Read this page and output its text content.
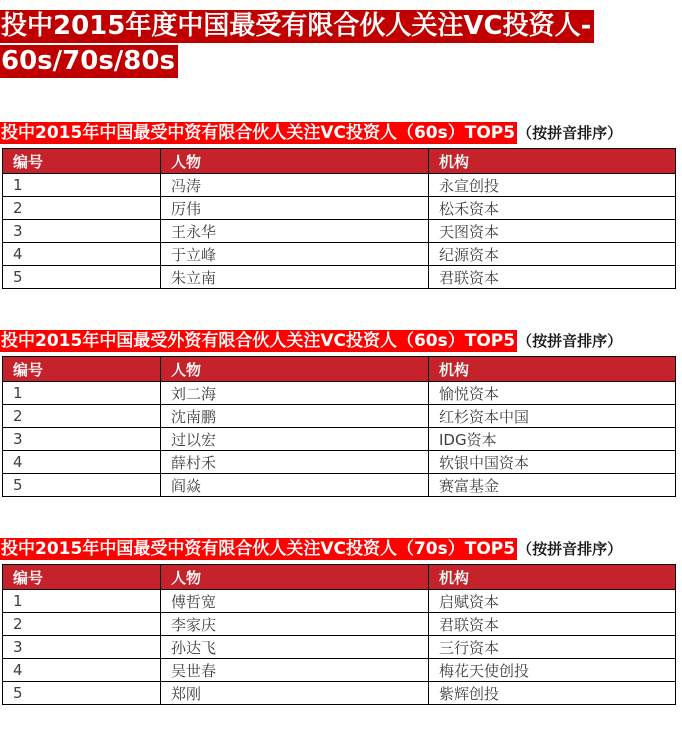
投中2015年度中国最受有限合伙人关注VC投资人-
60s/70s/80s
投中2015年中国最受中资有限合伙人关注VC投资人（60s）TOP5 （按拼音排序）
编号	人物	机构
1	冯涛	永宣创投
2	厉伟	松禾资本
3	王永华	天图资本
4	于立峰	纪源资本
5	朱立南	君联资本
投中2015年中国最受外资有限合伙人关注VC投资人（60s）TOP5 （按拼音排序）
编号	人物	机构
1	刘二海	愉悦资本
2	沈南鹏	红杉资本中国
3	过以宏	IDG资本
4	薛村禾	软银中国资本
5	阎焱	赛富基金
投中2015年中国最受中资有限合伙人关注VC投资人（70s）TOP5 （按拼音排序）
编号	人物	机构
1	傅哲宽	启赋资本
2	李家庆	君联资本
3	孙达飞	三行资本
4	吴世春	梅花天使创投
5	郑刚	紫辉创投
